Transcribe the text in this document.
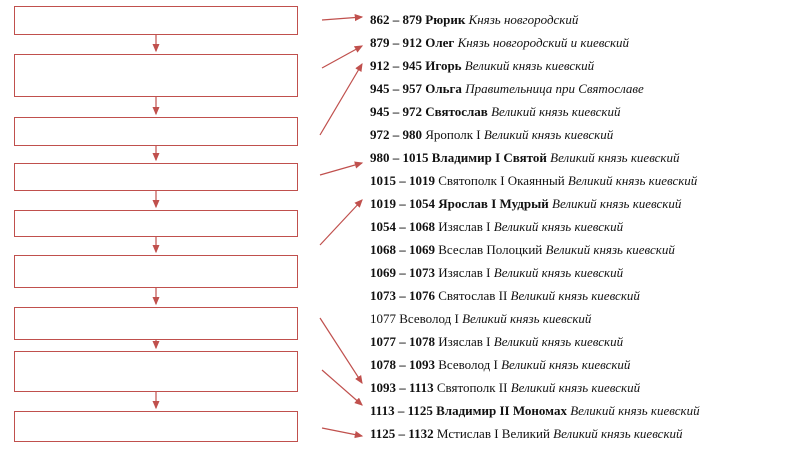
862 – 879 Рюрик Князь новгородский
879 – 912 Олег Князь новгородский и киевский
912 – 945 Игорь Великий князь киевский
945 – 957 Ольга Правительница при Святославе
945 – 972 Святослав Великий князь киевский
972 – 980 Ярополк I Великий князь киевский
980 – 1015 Владимир I Святой Великий князь киевский
1015 – 1019 Святополк I Окаянный Великий князь киевский
1019 – 1054 Ярослав I Мудрый Великий князь киевский
1054 – 1068 Изяслав I Великий князь киевский
1068 – 1069 Всеслав Полоцкий Великий князь киевский
1069 – 1073 Изяслав I Великий князь киевский
1073 – 1076 Святослав II Великий князь киевский
1077 Всеволод I Великий князь киевский
1077 – 1078 Изяслав I Великий князь киевский
1078 – 1093 Всеволод I Великий князь киевский
1093 – 1113 Святополк II Великий князь киевский
1113 – 1125 Владимир II Мономах Великий князь киевский
1125 – 1132 Мстислав I Великий Великий князь киевский
